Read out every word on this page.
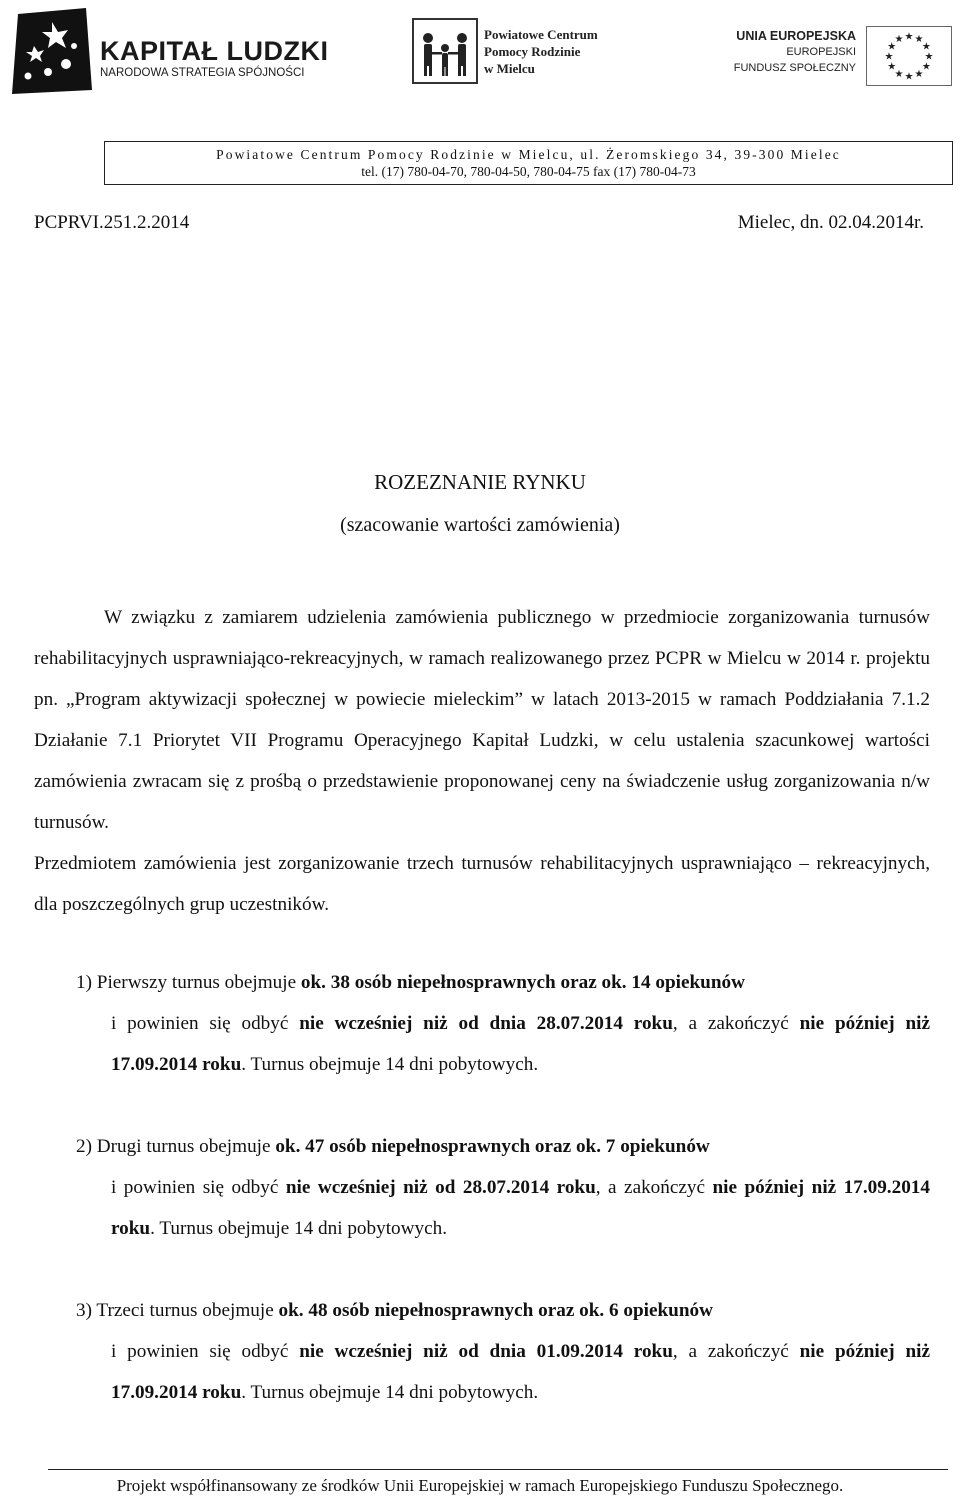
KAPITAŁ LUDZKI
NARODOWA STRATEGIA SPÓJNOŚCI
Powiatowe Centrum
Pomocy Rodzinie
w Mielcu
UNIA EUROPEJSKA
EUROPEJSKI
FUNDUSZ SPOŁECZNY
★ ★
★
★
★
★
★
★
★
★
★
★
Powiatowe Centrum Pomocy Rodzinie w Mielcu, ul. Żeromskiego 34, 39-300 Mielec
tel. (17) 780-04-70, 780-04-50, 780-04-75 fax (17) 780-04-73
PCPRVI.251.2.2014	Mielec, dn. 02.04.2014r.
ROZEZNANIE RYNKU
(szacowanie wartości zamówienia)

W związku z zamiarem udzielenia zamówienia publicznego w przedmiocie zorganizowania turnusów rehabilitacyjnych usprawniająco-rekreacyjnych, w ramach realizowanego przez PCPR w Mielcu w 2014 r. projektu pn. „Program aktywizacji społecznej w powiecie mieleckim” w latach 2013-2015 w ramach Poddziałania 7.1.2 Działanie 7.1 Priorytet VII Programu Operacyjnego Kapitał Ludzki, w celu ustalenia szacunkowej wartości zamówienia zwracam się z prośbą o przedstawienie proponowanej ceny na świadczenie usług zorganizowania n/w turnusów.

Przedmiotem zamówienia jest zorganizowanie trzech turnusów rehabilitacyjnych usprawniająco – rekreacyjnych, dla poszczególnych grup uczestników.

1) Pierwszy turnus obejmuje ok. 38 osób niepełnosprawnych oraz ok. 14 opiekunów
i powinien się odbyć nie wcześniej niż od dnia 28.07.2014 roku, a zakończyć nie później niż 17.09.2014 roku. Turnus obejmuje 14 dni pobytowych.
2) Drugi turnus obejmuje ok. 47 osób niepełnosprawnych oraz ok. 7 opiekunów
i powinien się odbyć nie wcześniej niż od 28.07.2014 roku, a zakończyć nie później niż 17.09.2014 roku. Turnus obejmuje 14 dni pobytowych.
3) Trzeci turnus obejmuje ok. 48 osób niepełnosprawnych oraz ok. 6 opiekunów
i powinien się odbyć nie wcześniej niż od dnia 01.09.2014 roku, a zakończyć nie później niż 17.09.2014 roku. Turnus obejmuje 14 dni pobytowych.
Projekt współfinansowany ze środków Unii Europejskiej w ramach Europejskiego Funduszu Społecznego.
